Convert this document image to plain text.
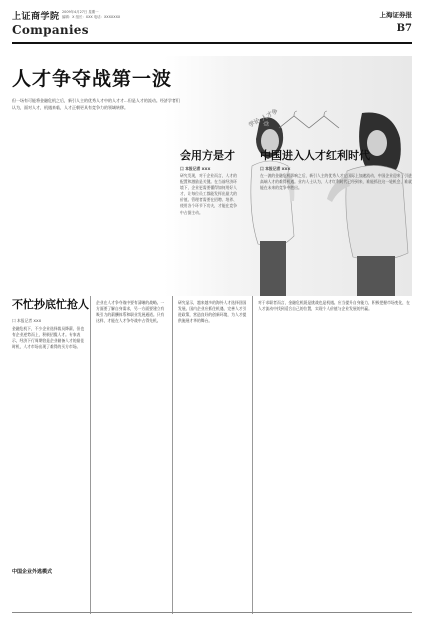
上证商学院 2009年4月27日 星期一
编辑：X 组长：XXX 电话：XXXXXXX
Companies
上海证券报
B7
学论 人才争夺
人才争夺战第一波
但一场有可能将金融危机之后，新引人主的优秀人才中的人才才...但是人才的流动。经济学者们认为，面对人才，机遇来临，人才正朝更具有竞争力的领域转移。
会用方是才
口 本报记者 XXX
研究发现，对于企业而言，人才的配置和激励是关键。在当前经济环境下，企业更需要懂得如何用好人才，让每位员工都能发挥出最大的价值。管理者需要在招聘、培养、使用各个环节下功夫，才能在竞争中占据主动。
中国进入人才红利时代
口 本报记者 XXX
在一波的金融危机影响之后，新引人主的优秀人才在国际上加速流动，中国企业迎来了引进高端人才的难得机遇。业内人士认为，人才红利时代已经到来，谁能抓住这一轮机会，谁就能在未来的竞争中胜出。
不忙抄底忙抢人
口 本报记者 XXX
金融危机下，不少企业选择裁员降薪，但也有企业逆势而上，积极招揽人才。专家表示，经济下行周期恰是企业储备人才的最佳时机，人才市场出现了难得的买方市场。
中国企业外逃模式
企业在人才争夺战中要有清晰的战略。一方面要了解自身需求，另一方面要建立有吸引力的薪酬体系和职业发展通道。只有这样，才能在人才争夺战中占得先机。
研究显示，越来越多的海外人才选择回国发展。国内企业应抓住机遇，完善人才引进政策，营造良好的创新环境，为人才提供施展才华的舞台。
对于求职者而言，金融危机既是挑战也是机遇。应当提升自身能力，积极把握市场变化，在人才流动中找到适合自己的位置，实现个人价值与企业发展的共赢。
